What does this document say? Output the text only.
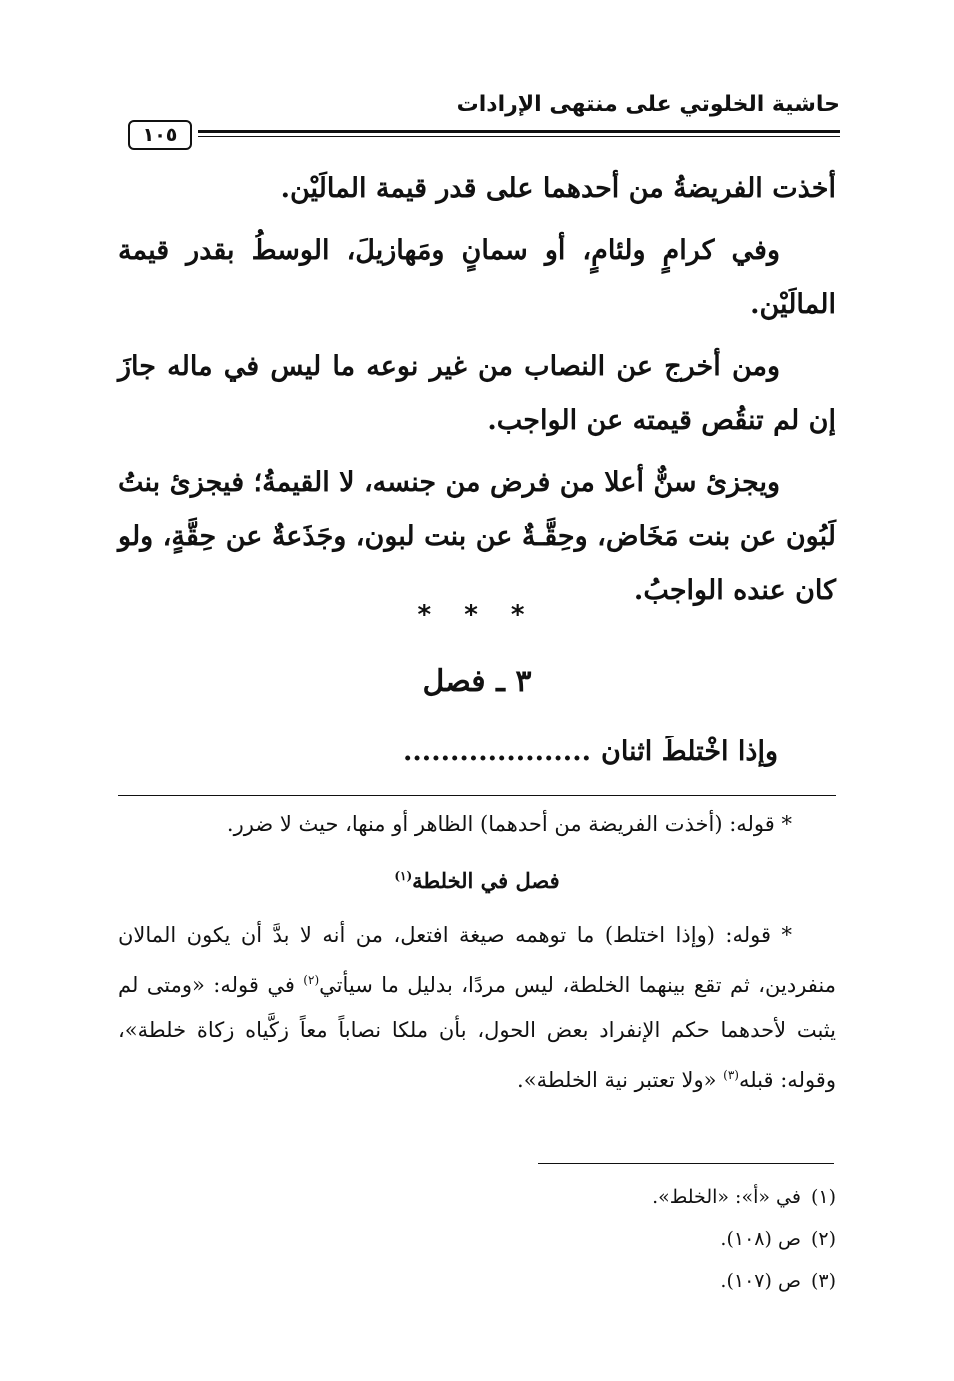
حاشية الخلوتي على منتهى الإرادات
١٠٥

أخذت الفريضةُ من أحدهما على قدر قيمة المالَيْن.

وفي كرامٍ ولئامٍ، أو سمانٍ ومَهازيلَ، الوسطُ بقدر قيمة المالَيْن.

ومن أخرج عن النصاب من غير نوعه ما ليس في ماله جازَ إن لم تنقُص قيمته عن الواجب.

ويجزئ سنٌّ أعلا من فرض من جنسه، لا القيمةُ؛ فيجزئ بنتُ لَبُون عن بنت مَخَاض، وحِقَّـةٌ عن بنت لبون، وجَذَعةٌ عن حِقَّةٍ، ولو كان عنده الواجبُ.

* * *
٣ ـ فصل
وإذا اخْتلطَ اثنان....................

* قوله: (أخذت الفريضة من أحدهما) الظاهر أو منها، حيث لا ضرر.

فصل في الخلطة$^{(١)}$

* قوله: (وإذا اختلط) ما توهمه صيغة افتعل، من أنه لا بدَّ أن يكون المالان منفردين، ثم تقع بينهما الخلطة، ليس مردًا، بدليل ما سيأتي$^{(٢)}$ في قوله: «ومتى لم يثبت لأحدهما حكم الإنفراد بعض الحول، بأن ملكا نصاباً معاً زكَّياه زكاة خلطة»، وقوله: قبله$^{(٣)}$ «ولا تعتبر نية الخلطة».

(١)في «أ»: «الخلط».
(٢)ص (١٠٨).
(٣)ص (١٠٧).
